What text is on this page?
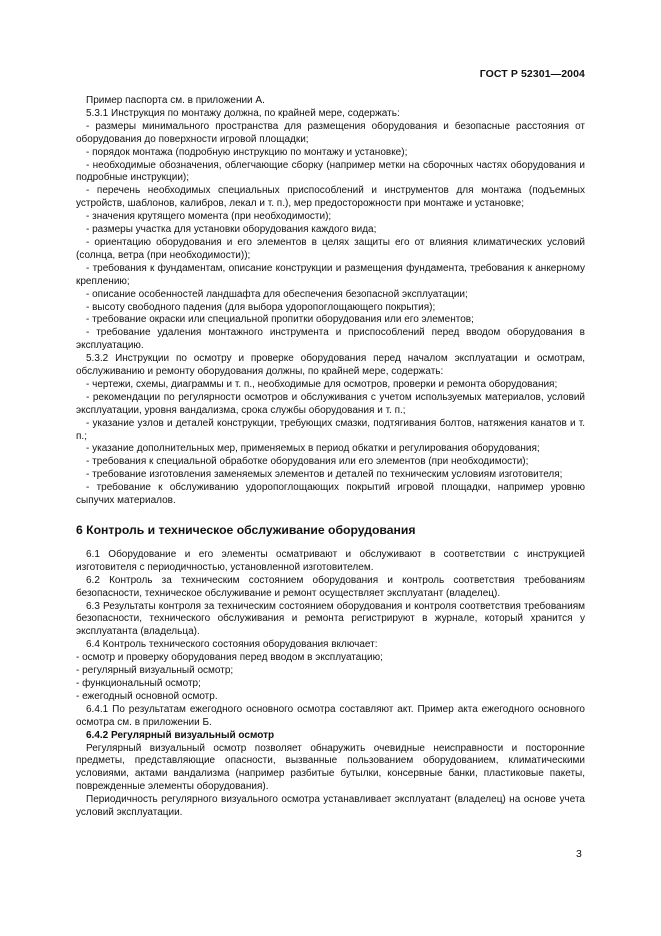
ГОСТ Р 52301—2004

Пример паспорта см. в приложении А.

5.3.1 Инструкция по монтажу должна, по крайней мере, содержать:

- размеры минимального пространства для размещения оборудования и безопасные расстояния от оборудования до поверхности игровой площадки;

- порядок монтажа (подробную инструкцию по монтажу и установке);

- необходимые обозначения, облегчающие сборку (например метки на сборочных частях оборудования и подробные инструкции);

- перечень необходимых специальных приспособлений и инструментов для монтажа (подъемных устройств, шаблонов, калибров, лекал и т. п.), мер предосторожности при монтаже и установке;

- значения крутящего момента (при необходимости);

- размеры участка для установки оборудования каждого вида;

- ориентацию оборудования и его элементов в целях защиты его от влияния климатических условий (солнца, ветра (при необходимости));

- требования к фундаментам, описание конструкции и размещения фундамента, требования к анкерному креплению;

- описание особенностей ландшафта для обеспечения безопасной эксплуатации;

- высоту свободного падения (для выбора удоропоглощающего покрытия);

- требование окраски или специальной пропитки оборудования или его элементов;

- требование удаления монтажного инструмента и приспособлений перед вводом оборудования в эксплуатацию.

5.3.2 Инструкции по осмотру и проверке оборудования перед началом эксплуатации и осмотрам, обслуживанию и ремонту оборудования должны, по крайней мере, содержать:

- чертежи, схемы, диаграммы и т. п., необходимые для осмотров, проверки и ремонта оборудования;

- рекомендации по регулярности осмотров и обслуживания с учетом используемых материалов, условий эксплуатации, уровня вандализма, срока службы оборудования и т. п.;

- указание узлов и деталей конструкции, требующих смазки, подтягивания болтов, натяжения канатов и т. п.;

- указание дополнительных мер, применяемых в период обкатки и регулирования оборудования;

- требования к специальной обработке оборудования или его элементов (при необходимости);

- требование изготовления заменяемых элементов и деталей по техническим условиям изготовителя;

- требование к обслуживанию удоропоглощающих покрытий игровой площадки, например уровню сыпучих материалов.

6 Контроль и техническое обслуживание оборудования

6.1 Оборудование и его элементы осматривают и обслуживают в соответствии с инструкцией изготовителя с периодичностью, установленной изготовителем.

6.2 Контроль за техническим состоянием оборудования и контроль соответствия требованиям безопасности, техническое обслуживание и ремонт осуществляет эксплуатант (владелец).

6.3 Результаты контроля за техническим состоянием оборудования и контроля соответствия требованиям безопасности, технического обслуживания и ремонта регистрируют в журнале, который хранится у эксплуатанта (владельца).

6.4 Контроль технического состояния оборудования включает:

- осмотр и проверку оборудования перед вводом в эксплуатацию;

- регулярный визуальный осмотр;

- функциональный осмотр;

- ежегодный основной осмотр.

6.4.1 По результатам ежегодного основного осмотра составляют акт. Пример акта ежегодного основного осмотра см. в приложении Б.

6.4.2 Регулярный визуальный осмотр

Регулярный визуальный осмотр позволяет обнаружить очевидные неисправности и посторонние предметы, представляющие опасности, вызванные пользованием оборудованием, климатическими условиями, актами вандализма (например разбитые бутылки, консервные банки, пластиковые пакеты, поврежденные элементы оборудования).

Периодичность регулярного визуального осмотра устанавливает эксплуатант (владелец) на основе учета условий эксплуатации.

3
